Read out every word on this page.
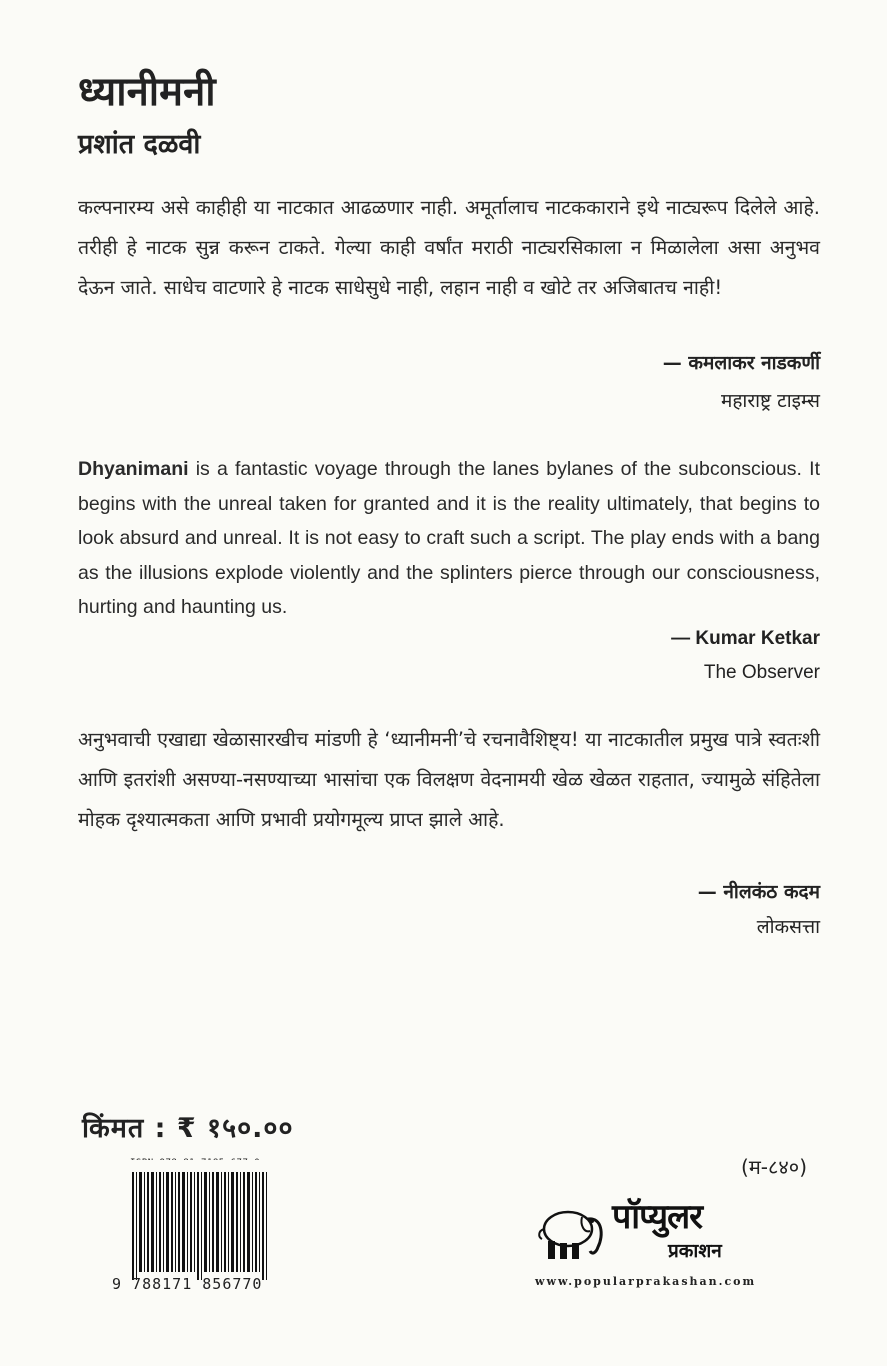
ध्यानीमनी
प्रशांत दळवी

कल्पनारम्य असे काहीही या नाटकात आढळणार नाही. अमूर्तालाच नाटककाराने इथे नाट्यरूप दिलेले आहे. तरीही हे नाटक सुन्न करून टाकते. गेल्या काही वर्षांत मराठी नाट्यरसिकाला न मिळालेला असा अनुभव देऊन जाते. साधेच वाटणारे हे नाटक साधेसुधे नाही, लहान नाही व खोटे तर अजिबातच नाही!

— कमलाकर नाडकर्णी
महाराष्ट्र टाइम्स

Dhyanimani is a fantastic voyage through the lanes bylanes of the subconscious. It begins with the unreal taken for granted and it is the reality ultimately, that begins to look absurd and unreal. It is not easy to craft such a script. The play ends with a bang as the illusions explode violently and the splinters pierce through our consciousness, hurting and haunting us.

— Kumar Ketkar
The Observer

अनुभवाची एखाद्या खेळासारखीच मांडणी हे ‘ध्यानीमनी’चे रचनावैशिष्ट्य! या नाटकातील प्रमुख पात्रे स्वतःशी आणि इतरांशी असण्या-नसण्याच्या भासांचा एक विलक्षण वेदनामयी खेळ खेळत राहतात, ज्यामुळे संहितेला मोहक दृश्यात्मकता आणि प्रभावी प्रयोगमूल्य प्राप्त झाले आहे.

— नीलकंठ कदम
लोकसत्ता
किंमत : ₹ १५०.००
9 788171 856770
(म-८४०)
पॉप्युलर
प्रकाशन
www.popularprakashan.com
